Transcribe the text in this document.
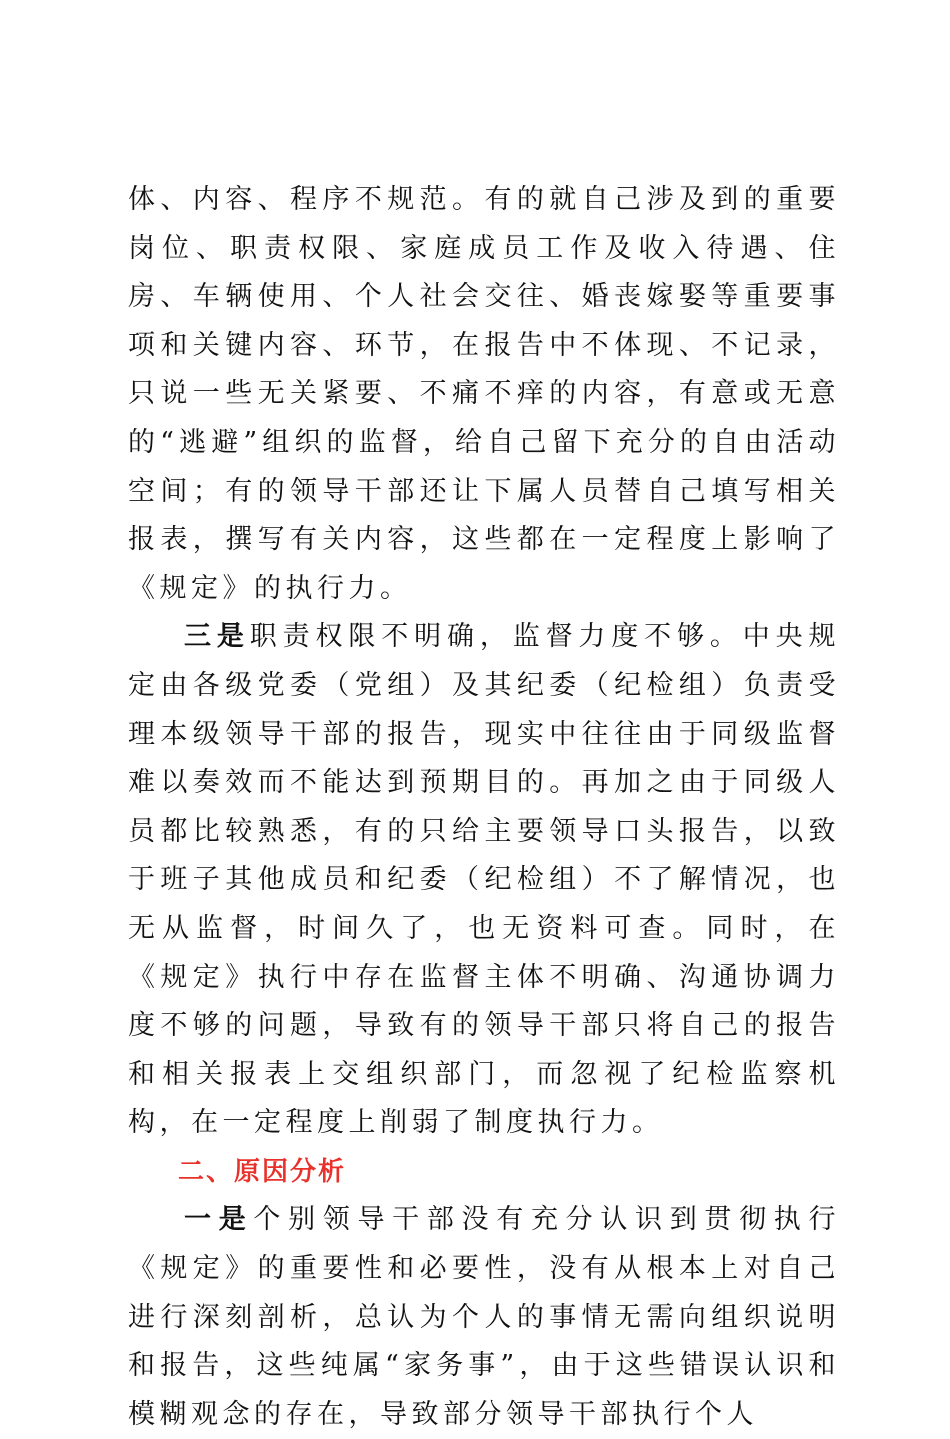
体、内容、程序不规范。有的就自己涉及到的重要岗位、职责权限、家庭成员工作及收入待遇、住房、车辆使用、个人社会交往、婚丧嫁娶等重要事项和关键内容、环节，在报告中不体现、不记录，只说一些无关紧要、不痛不痒的内容，有意或无意的“逃避”组织的监督，给自己留下充分的自由活动空间；有的领导干部还让下属人员替自己填写相关报表，撰写有关内容，这些都在一定程度上影响了《规定》的执行力。

三是职责权限不明确，监督力度不够。中央规定由各级党委（党组）及其纪委（纪检组）负责受理本级领导干部的报告，现实中往往由于同级监督难以奏效而不能达到预期目的。再加之由于同级人员都比较熟悉，有的只给主要领导口头报告，以致于班子其他成员和纪委（纪检组）不了解情况，也无从监督，时间久了，也无资料可查。同时，在《规定》执行中存在监督主体不明确、沟通协调力度不够的问题，导致有的领导干部只将自己的报告和相关报表上交组织部门，而忽视了纪检监察机构，在一定程度上削弱了制度执行力。

二、原因分析

一是个别领导干部没有充分认识到贯彻执行《规定》的重要性和必要性，没有从根本上对自己进行深刻剖析，总认为个人的事情无需向组织说明和报告，这些纯属“家务事”，由于这些错误认识和模糊观念的存在，导致部分领导干部执行个人
